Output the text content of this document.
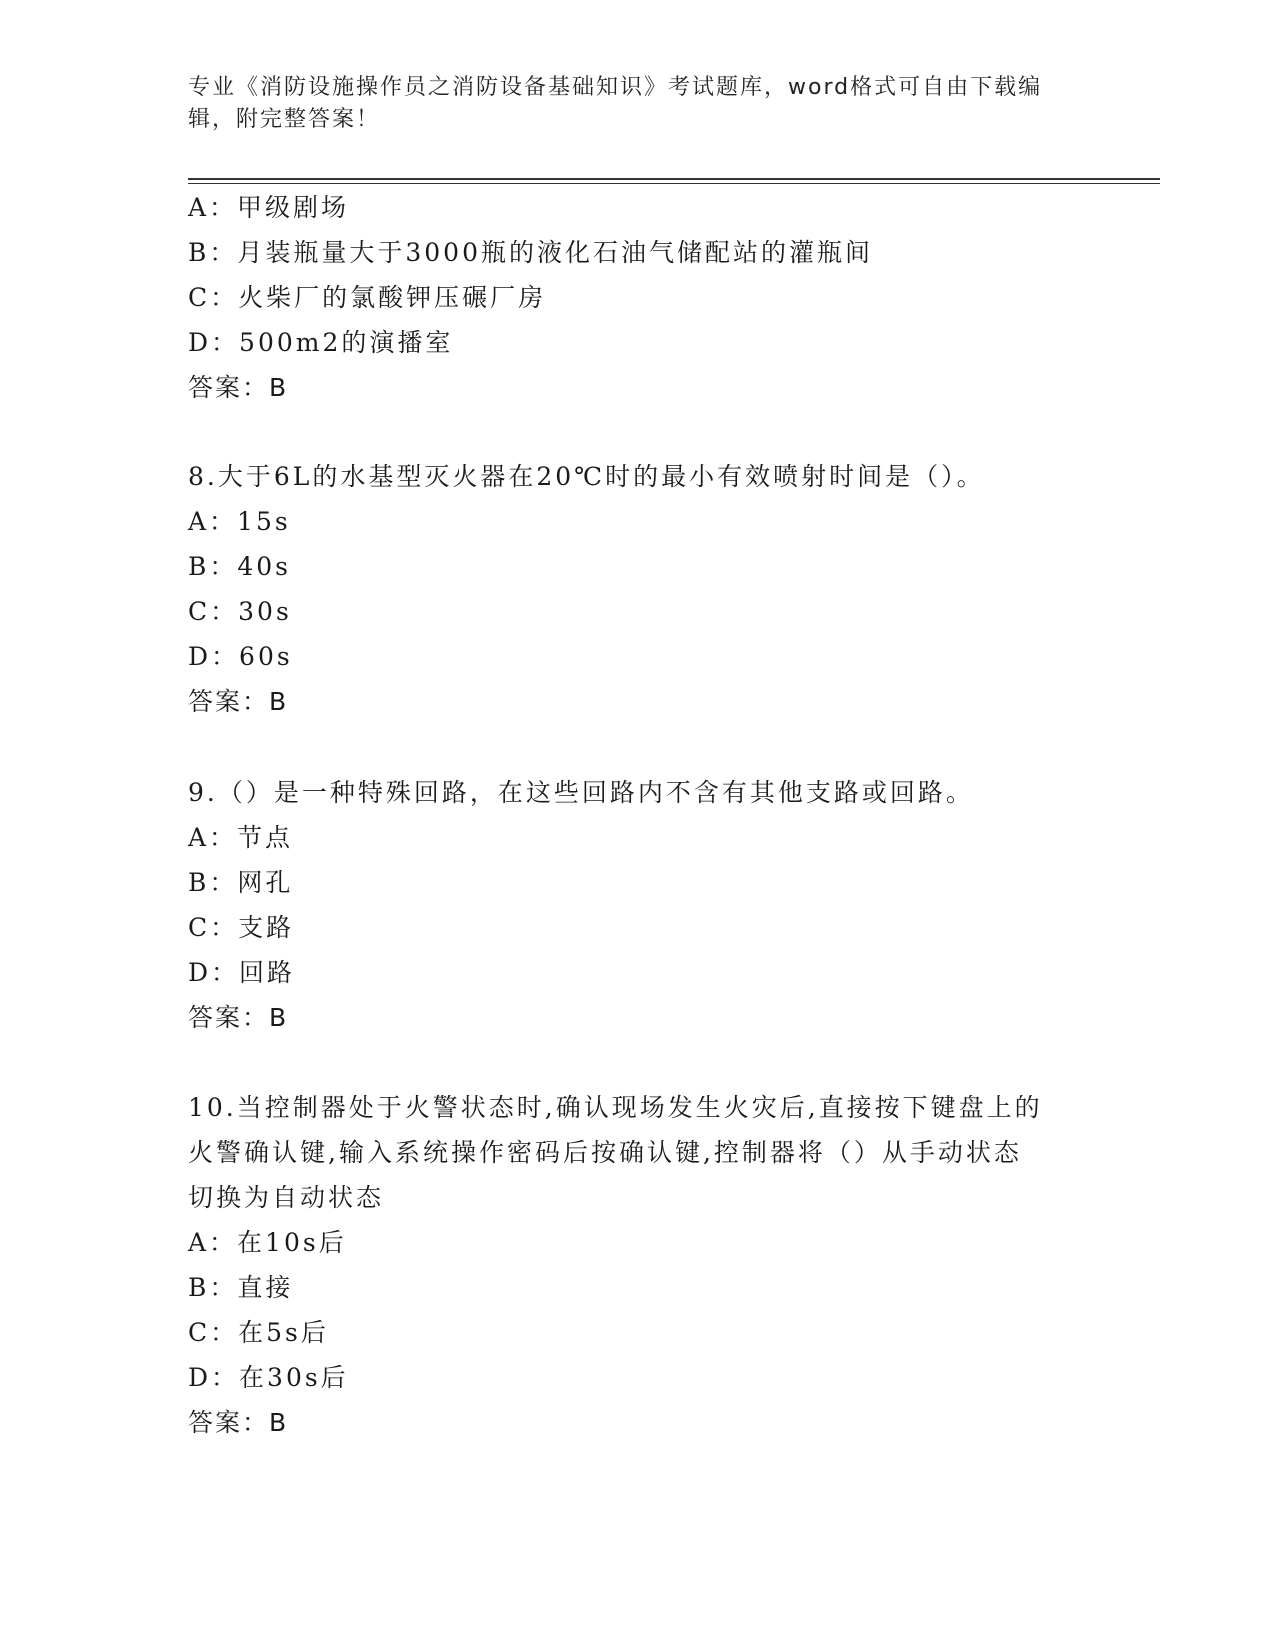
专业《消防设施操作员之消防设备基础知识》考试题库，word格式可自由下载编
辑，附完整答案！
A：甲级剧场
B：月装瓶量大于3000瓶的液化石油气储配站的灌瓶间
C：火柴厂的氯酸钾压碾厂房
D：500m2的演播室
答案：B
8.大于6L的水基型灭火器在20℃时的最小有效喷射时间是（）。
A：15s
B：40s
C：30s
D：60s
答案：B
9.（）是一种特殊回路，在这些回路内不含有其他支路或回路。
A：节点
B：网孔
C：支路
D：回路
答案：B
10.当控制器处于火警状态时,确认现场发生火灾后,直接按下键盘上的
火警确认键,输入系统操作密码后按确认键,控制器将（）从手动状态
切换为自动状态
A：在10s后
B：直接
C：在5s后
D：在30s后
答案：B
